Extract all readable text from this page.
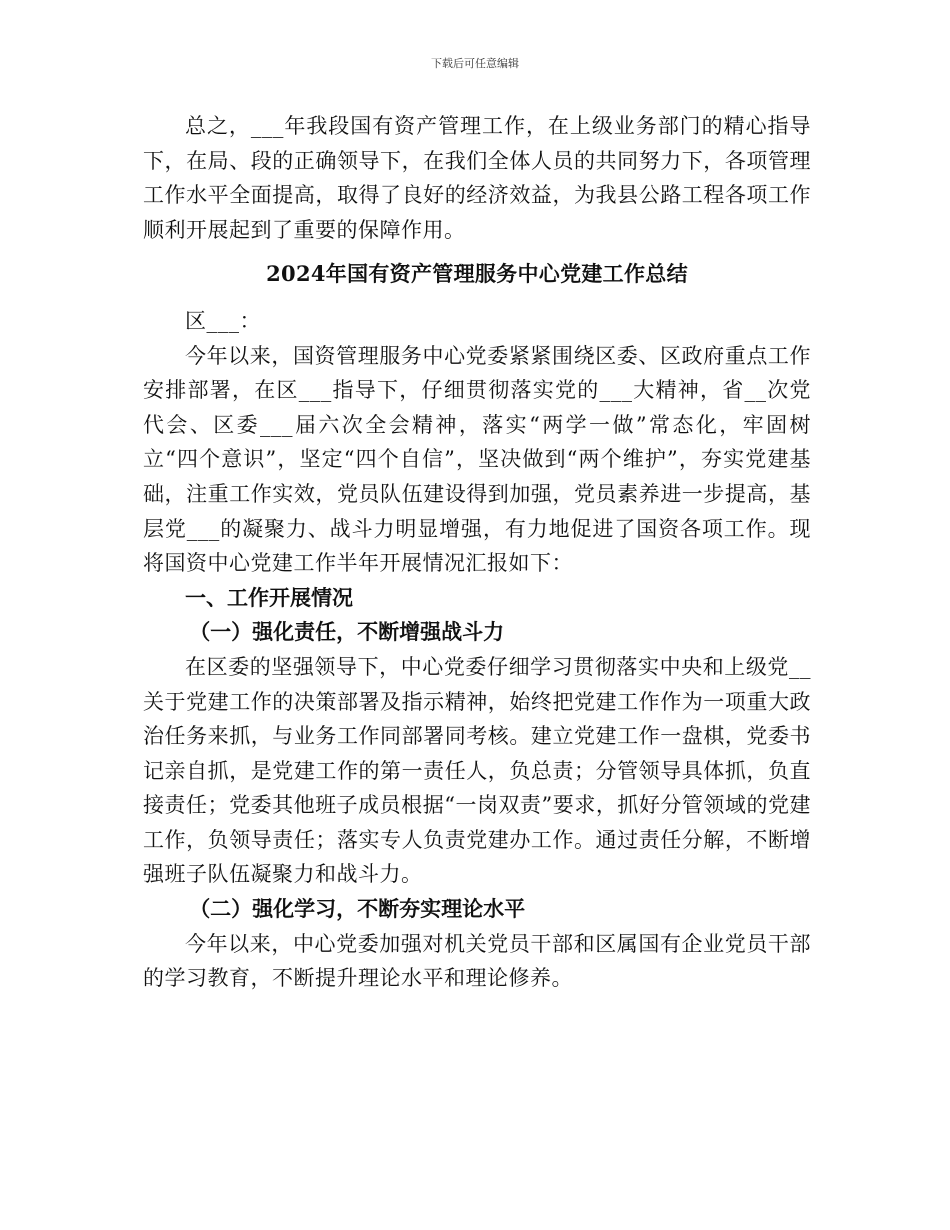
下载后可任意编辑

总之，___年我段国有资产管理工作，在上级业务部门的精心指导下，在局、段的正确领导下，在我们全体人员的共同努力下，各项管理工作水平全面提高，取得了良好的经济效益，为我县公路工程各项工作顺利开展起到了重要的保障作用。

2024年国有资产管理服务中心党建工作总结

区___：

今年以来，国资管理服务中心党委紧紧围绕区委、区政府重点工作安排部署，在区___指导下，仔细贯彻落实党的___大精神，省__次党代会、区委___届六次全会精神，落实“两学一做”常态化，牢固树立“四个意识”，坚定“四个自信”，坚决做到“两个维护”，夯实党建基础，注重工作实效，党员队伍建设得到加强，党员素养进一步提高，基层党___的凝聚力、战斗力明显增强，有力地促进了国资各项工作。现将国资中心党建工作半年开展情况汇报如下：

一、工作开展情况

（一）强化责任，不断增强战斗力

在区委的坚强领导下，中心党委仔细学习贯彻落实中央和上级党__关于党建工作的决策部署及指示精神，始终把党建工作作为一项重大政治任务来抓，与业务工作同部署同考核。建立党建工作一盘棋，党委书记亲自抓，是党建工作的第一责任人，负总责；分管领导具体抓，负直接责任；党委其他班子成员根据“一岗双责”要求，抓好分管领域的党建工作，负领导责任；落实专人负责党建办工作。通过责任分解，不断增强班子队伍凝聚力和战斗力。

（二）强化学习，不断夯实理论水平

今年以来，中心党委加强对机关党员干部和区属国有企业党员干部的学习教育，不断提升理论水平和理论修养。
